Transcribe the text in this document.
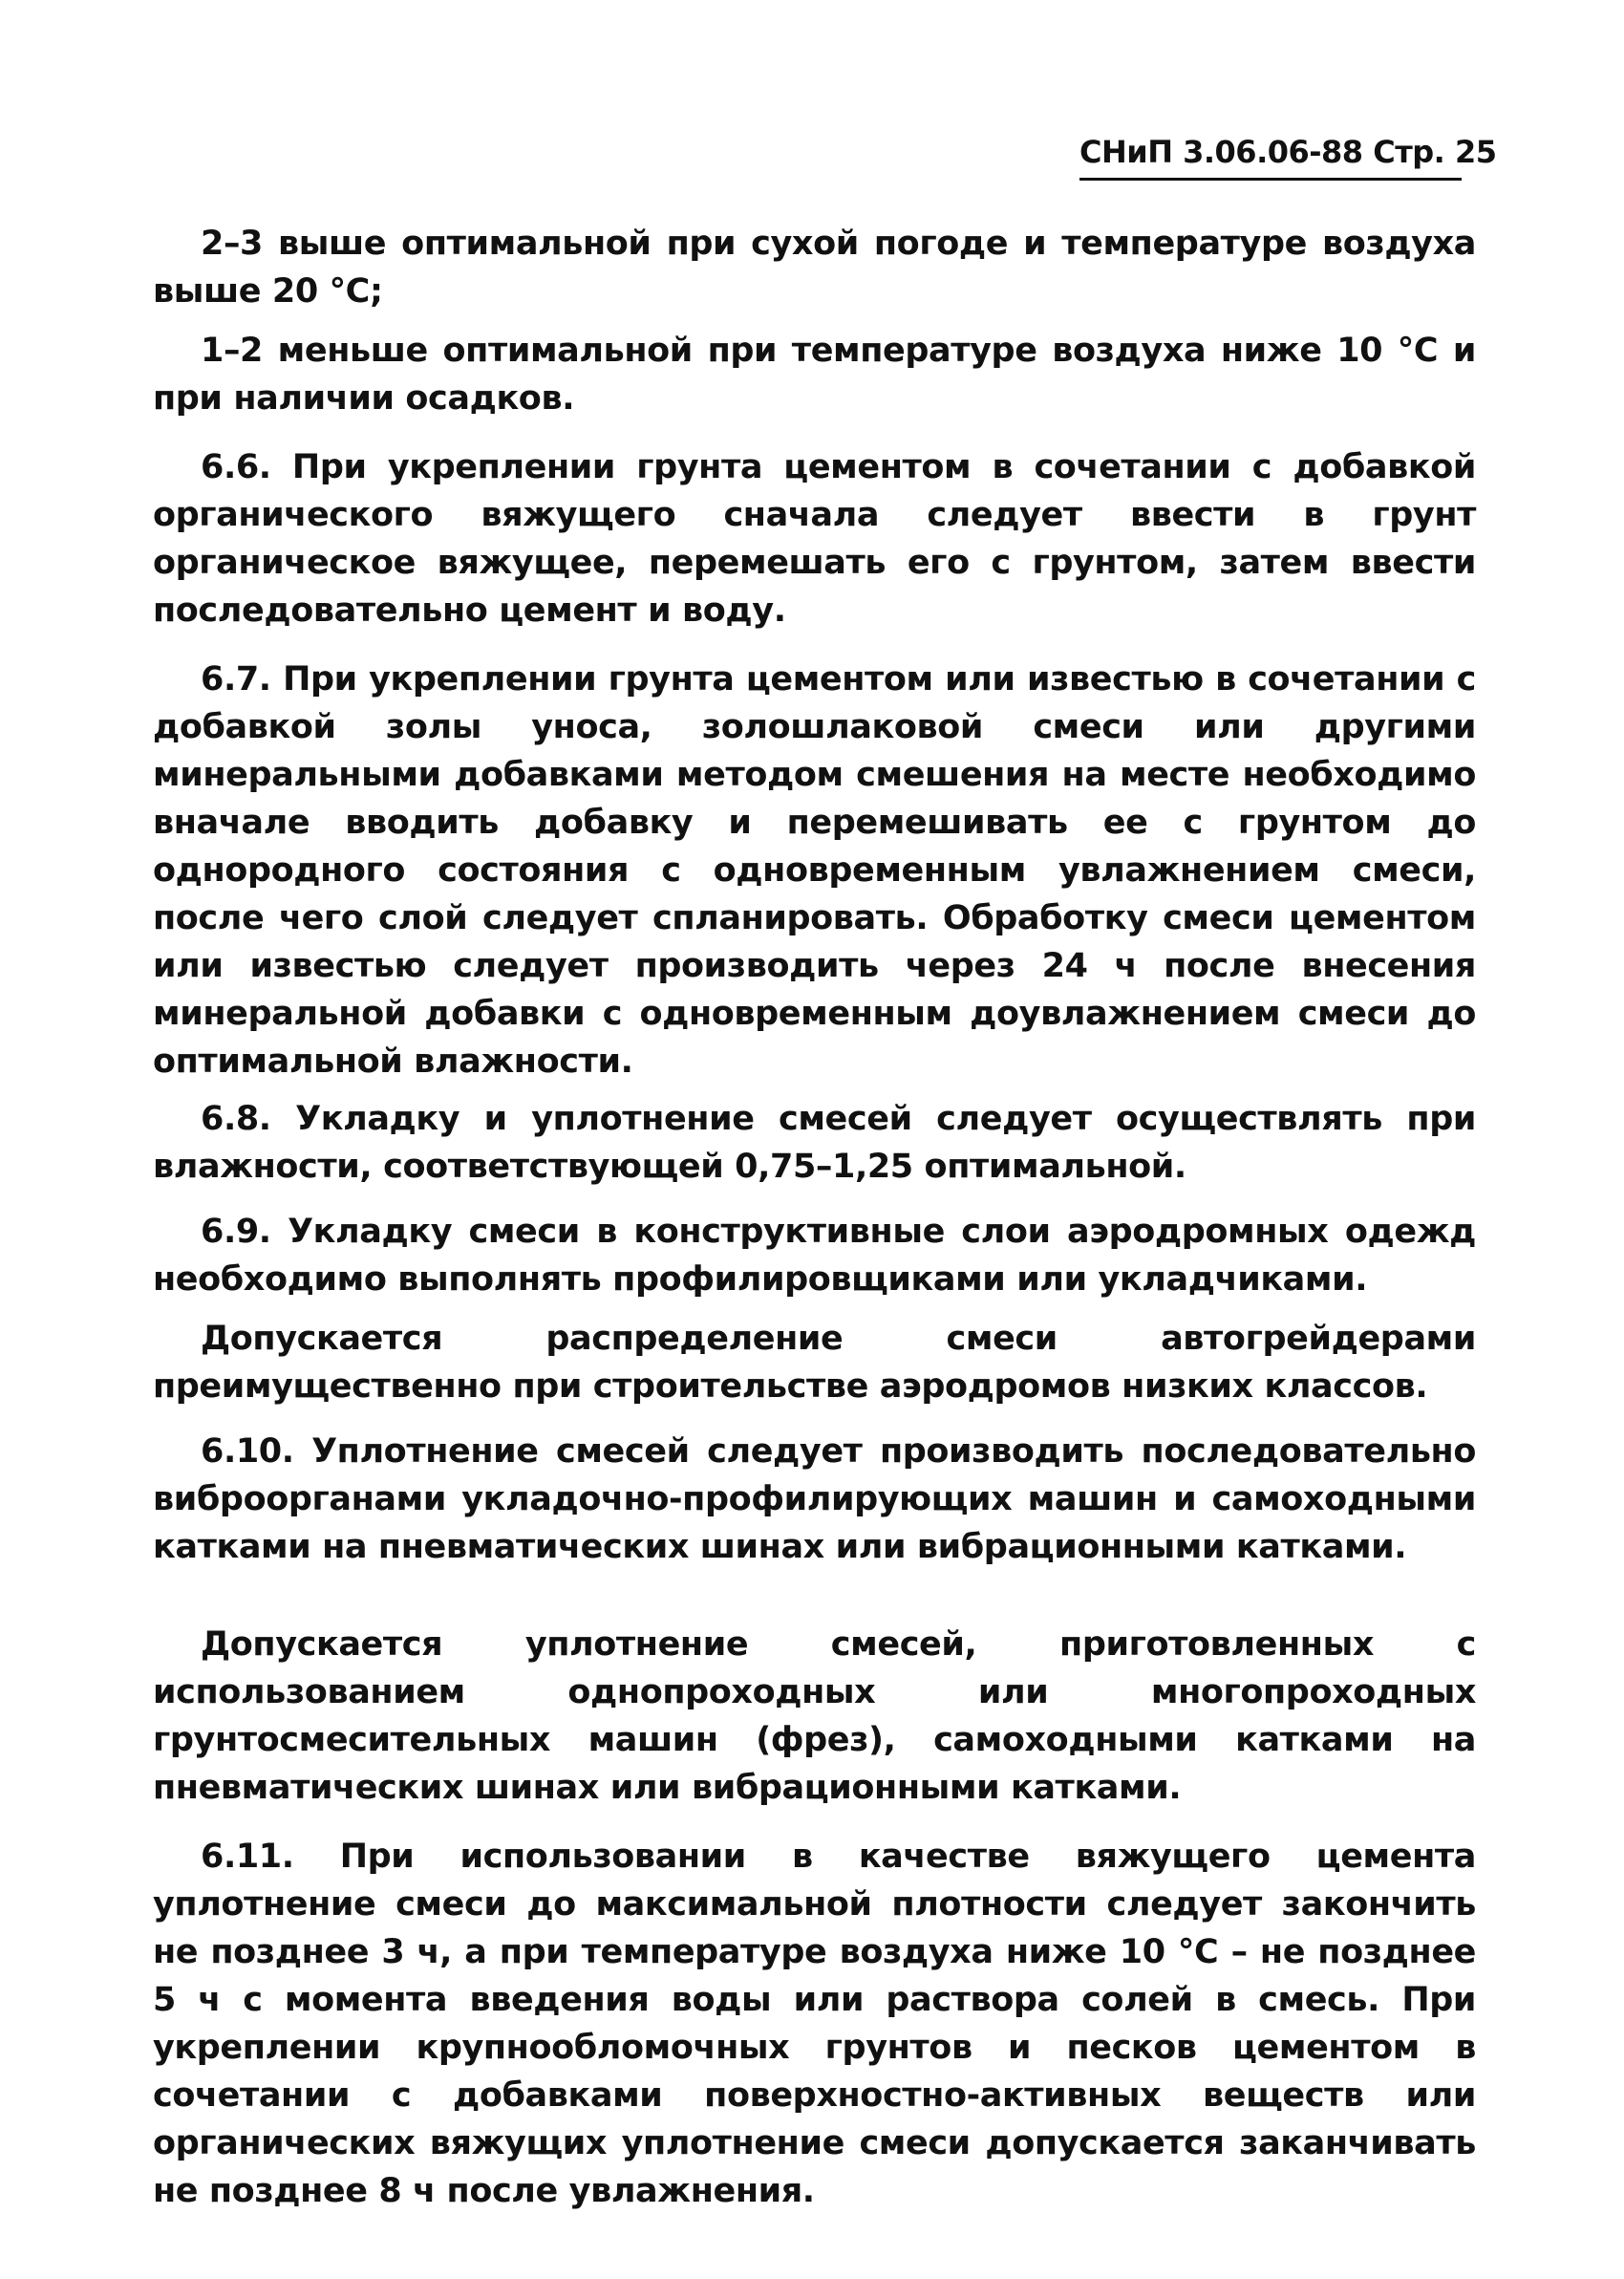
СНиП 3.06.06-88 Стр. 25

2–3 выше оптимальной при сухой погоде и температуре воздуха выше 20 °С;

1–2 меньше оптимальной при температуре воздуха ниже 10 °С и при наличии осадков.

6.6. При укреплении грунта цементом в сочетании с добавкой органического вяжущего сначала следует ввести в грунт органическое вяжущее, перемешать его с грунтом, затем ввести последовательно цемент и воду.

6.7. При укреплении грунта цементом или известью в сочетании с добавкой золы уноса, золошлаковой смеси или другими минеральными добавками методом смешения на месте необходимо вначале вводить добавку и перемешивать ее с грунтом до однородного состояния с одновременным увлажнением смеси, после чего слой следует спланировать. Обработку смеси цементом или известью следует производить через 24 ч после внесения минеральной добавки с одновременным доувлажнением смеси до оптимальной влажности.

6.8. Укладку и уплотнение смесей следует осуществлять при влажности, соответствующей 0,75–1,25 оптимальной.

6.9. Укладку смеси в конструктивные слои аэродромных одежд необходимо выполнять профилировщиками или укладчиками.

Допускается распределение смеси автогрейдерами преимущественно при строительстве аэродромов низких классов.

6.10. Уплотнение смесей следует производить последовательно виброорганами укладочно-профилирующих машин и самоходными катками на пневматических шинах или вибрационными катками.

Допускается уплотнение смесей, приготовленных с использованием однопроходных или многопроходных грунтосмесительных машин (фрез), самоходными катками на пневматических шинах или вибрационными катками.

6.11. При использовании в качестве вяжущего цемента уплотнение смеси до максимальной плотности следует закончить не позднее 3 ч, а при температуре воздуха ниже 10 °С – не позднее 5 ч с момента введения воды или раствора солей в смесь. При укреплении крупнообломочных грунтов и песков цементом в сочетании с добавками поверхностно-активных веществ или органических вяжущих уплотнение смеси допускается заканчивать не позднее 8 ч после увлажнения.
